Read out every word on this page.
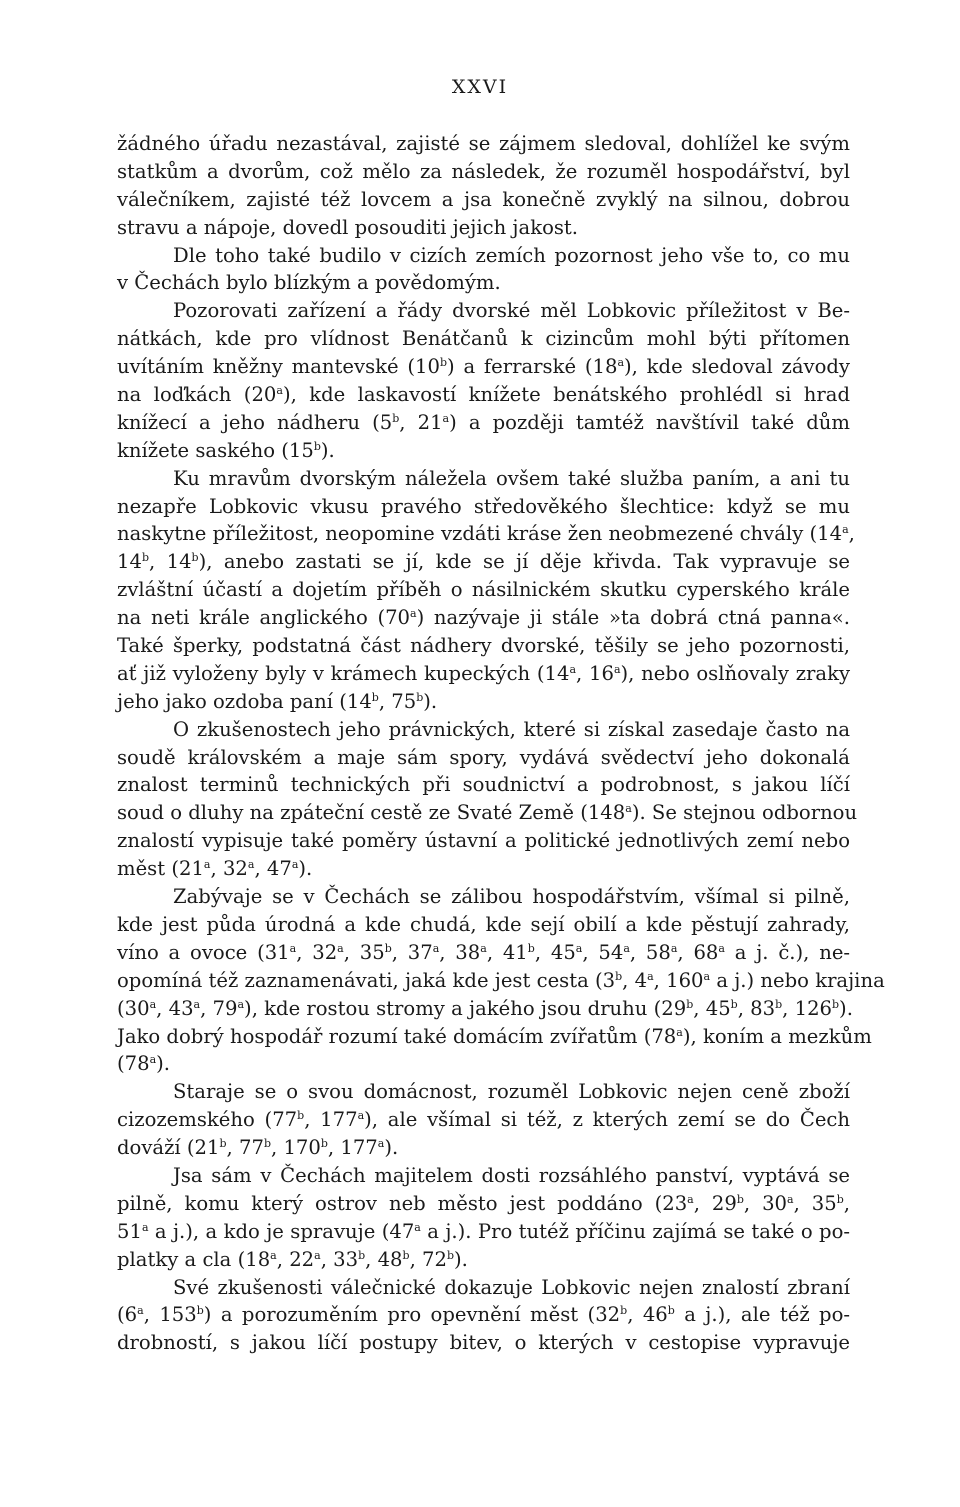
XXVI
žádného úřadu nezastával, zajisté se zájmem sledoval, dohlížel ke svým
statkům a dvorům, což mělo za následek, že rozuměl hospodářství, byl
válečníkem, zajisté též lovcem a jsa konečně zvyklý na silnou, dobrou
stravu a nápoje, dovedl posouditi jejich jakost.
Dle toho také budilo v cizích zemích pozornost jeho vše to, co mu
v Čechách bylo blízkým a povědomým.
Pozorovati zařízení a řády dvorské měl Lobkovic příležitost v Be-
nátkách, kde pro vlídnost Benátčanů k cizincům mohl býti přítomen
uvítáním kněžny mantevské (10$^b$) a ferrarské (18$^a$), kde sledoval závody
na loďkách (20$^a$), kde laskavostí knížete benátského prohlédl si hrad
knížecí a jeho nádheru (5$^b$, 21$^a$) a později tamtéž navštívil také dům
knížete saského (15$^b$).
Ku mravům dvorským náležela ovšem také služba paním, a ani tu
nezapře Lobkovic vkusu pravého středověkého šlechtice: když se mu
naskytne příležitost, neopomine vzdáti kráse žen neobmezené chvály (14$^a$,
14$^b$, 14$^b$), anebo zastati se jí, kde se jí děje křivda. Tak vypravuje se
zvláštní účastí a dojetím příběh o násilnickém skutku cyperského krále
na neti krále anglického (70$^a$) nazývaje ji stále »ta dobrá ctná panna«.
Také šperky, podstatná část nádhery dvorské, těšily se jeho pozornosti,
ať již vyloženy byly v krámech kupeckých (14$^a$, 16$^a$), nebo oslňovaly zraky
jeho jako ozdoba paní (14$^b$, 75$^b$).
O zkušenostech jeho právnických, které si získal zasedaje často na
soudě královském a maje sám spory, vydává svědectví jeho dokonalá
znalost terminů technických při soudnictví a podrobnost, s jakou líčí
soud o dluhy na zpáteční cestě ze Svaté Země (148$^a$). Se stejnou odbornou
znalostí vypisuje také poměry ústavní a politické jednotlivých zemí nebo
měst (21$^a$, 32$^a$, 47$^a$).
Zabývaje se v Čechách se zálibou hospodářstvím, všímal si pilně,
kde jest půda úrodná a kde chudá, kde sejí obilí a kde pěstují zahrady,
víno a ovoce (31$^a$, 32$^a$, 35$^b$, 37$^a$, 38$^a$, 41$^b$, 45$^a$, 54$^a$, 58$^a$, 68$^a$ a j. č.), ne-
opomíná též zaznamenávati, jaká kde jest cesta (3$^b$, 4$^a$, 160$^a$ a j.) nebo krajina
(30$^a$, 43$^a$, 79$^a$), kde rostou stromy a jakého jsou druhu (29$^b$, 45$^b$, 83$^b$, 126$^b$).
Jako dobrý hospodář rozumí také domácím zvířatům (78$^a$), koním a mezkům
(78$^a$).
Staraje se o svou domácnost, rozuměl Lobkovic nejen ceně zboží
cizozemského (77$^b$, 177$^a$), ale všímal si též, z kterých zemí se do Čech
dováží (21$^b$, 77$^b$, 170$^b$, 177$^a$).
Jsa sám v Čechách majitelem dosti rozsáhlého panství, vyptává se
pilně, komu který ostrov neb město jest poddáno (23$^a$, 29$^b$, 30$^a$, 35$^b$,
51$^a$ a j.), a kdo je spravuje (47$^a$ a j.). Pro tutéž příčinu zajímá se také o po-
platky a cla (18$^a$, 22$^a$, 33$^b$, 48$^b$, 72$^b$).
Své zkušenosti válečnické dokazuje Lobkovic nejen znalostí zbraní
(6$^a$, 153$^b$) a porozuměním pro opevnění měst (32$^b$, 46$^b$ a j.), ale též po-
drobností, s jakou líčí postupy bitev, o kterých v cestopise vypravuje
